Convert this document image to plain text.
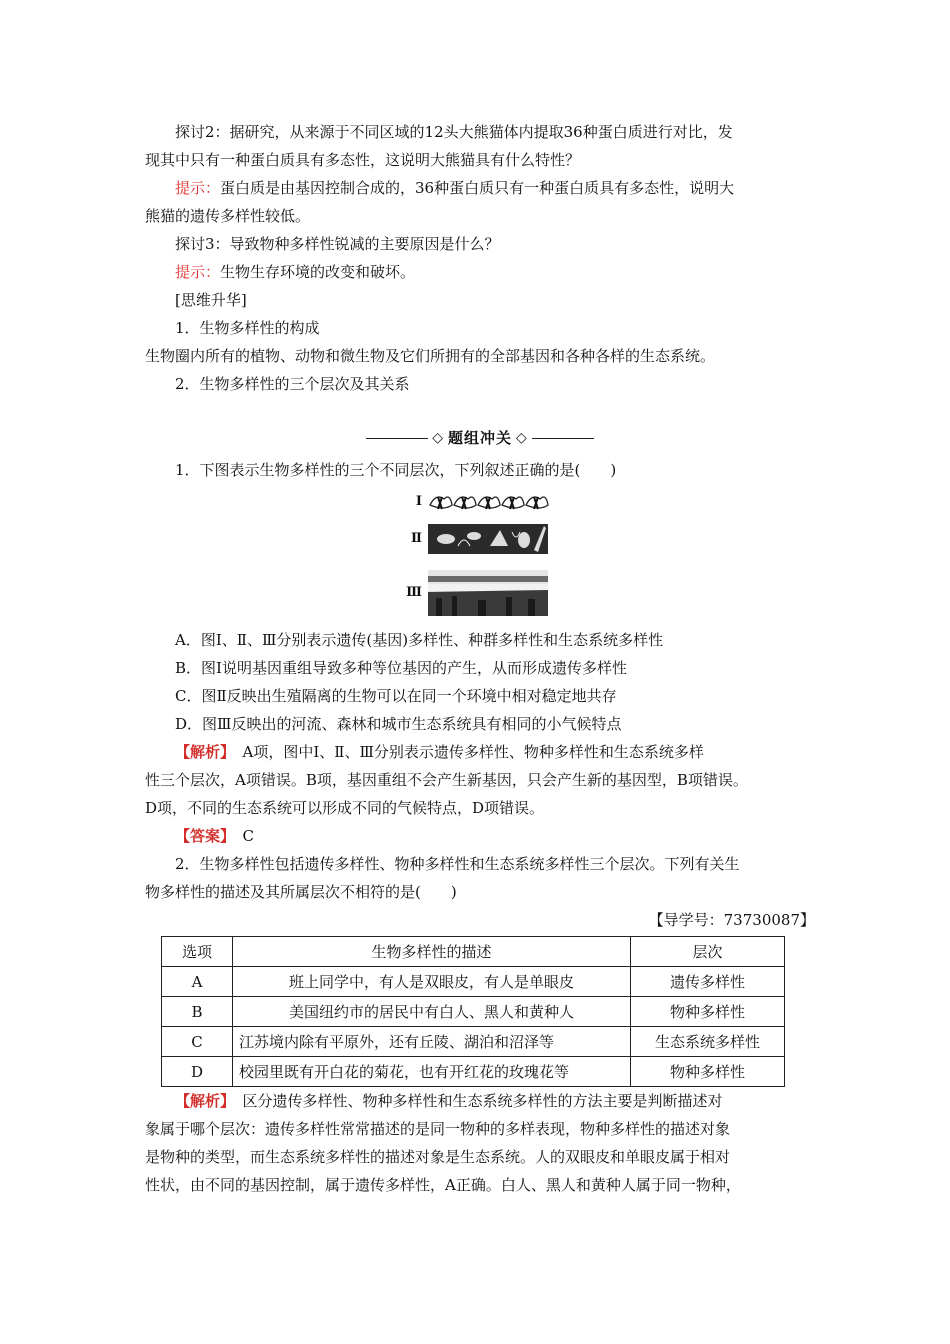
探讨2：据研究，从来源于不同区域的12头大熊猫体内提取36种蛋白质进行对比，发

现其中只有一种蛋白质具有多态性，这说明大熊猫具有什么特性？

提示：蛋白质是由基因控制合成的，36种蛋白质只有一种蛋白质具有多态性，说明大

熊猫的遗传多样性较低。

探讨3：导致物种多样性锐减的主要原因是什么？

提示：生物生存环境的改变和破坏。

[思维升华]

1．生物多样性的构成

生物圈内所有的植物、动物和微生物及它们所拥有的全部基因和各种各样的生态系统。

2．生物多样性的三个层次及其关系

◇ 题组冲关 ◇

1．下图表示生物多样性的三个不同层次，下列叙述正确的是(　　)

Ⅰ
Ⅱ
Ⅲ

A．图Ⅰ、Ⅱ、Ⅲ分别表示遗传(基因)多样性、种群多样性和生态系统多样性

B．图Ⅰ说明基因重组导致多种等位基因的产生，从而形成遗传多样性

C．图Ⅱ反映出生殖隔离的生物可以在同一个环境中相对稳定地共存

D．图Ⅲ反映出的河流、森林和城市生态系统具有相同的小气候特点

【解析】　A项，图中Ⅰ、Ⅱ、Ⅲ分别表示遗传多样性、物种多样性和生态系统多样

性三个层次，A项错误。B项，基因重组不会产生新基因，只会产生新的基因型，B项错误。

D项，不同的生态系统可以形成不同的气候特点，D项错误。

【答案】　C

2．生物多样性包括遗传多样性、物种多样性和生态系统多样性三个层次。下列有关生

物多样性的描述及其所属层次不相符的是(　　)

【导学号：73730087】

选项	生物多样性的描述	层次
A	班上同学中，有人是双眼皮，有人是单眼皮	遗传多样性
B	美国纽约市的居民中有白人、黑人和黄种人	物种多样性
C	江苏境内除有平原外，还有丘陵、湖泊和沼泽等	生态系统多样性
D	校园里既有开白花的菊花，也有开红花的玫瑰花等	物种多样性

【解析】　区分遗传多样性、物种多样性和生态系统多样性的方法主要是判断描述对

象属于哪个层次：遗传多样性常常描述的是同一物种的多样表现，物种多样性的描述对象

是物种的类型，而生态系统多样性的描述对象是生态系统。人的双眼皮和单眼皮属于相对

性状，由不同的基因控制，属于遗传多样性，A正确。白人、黑人和黄种人属于同一物种，
